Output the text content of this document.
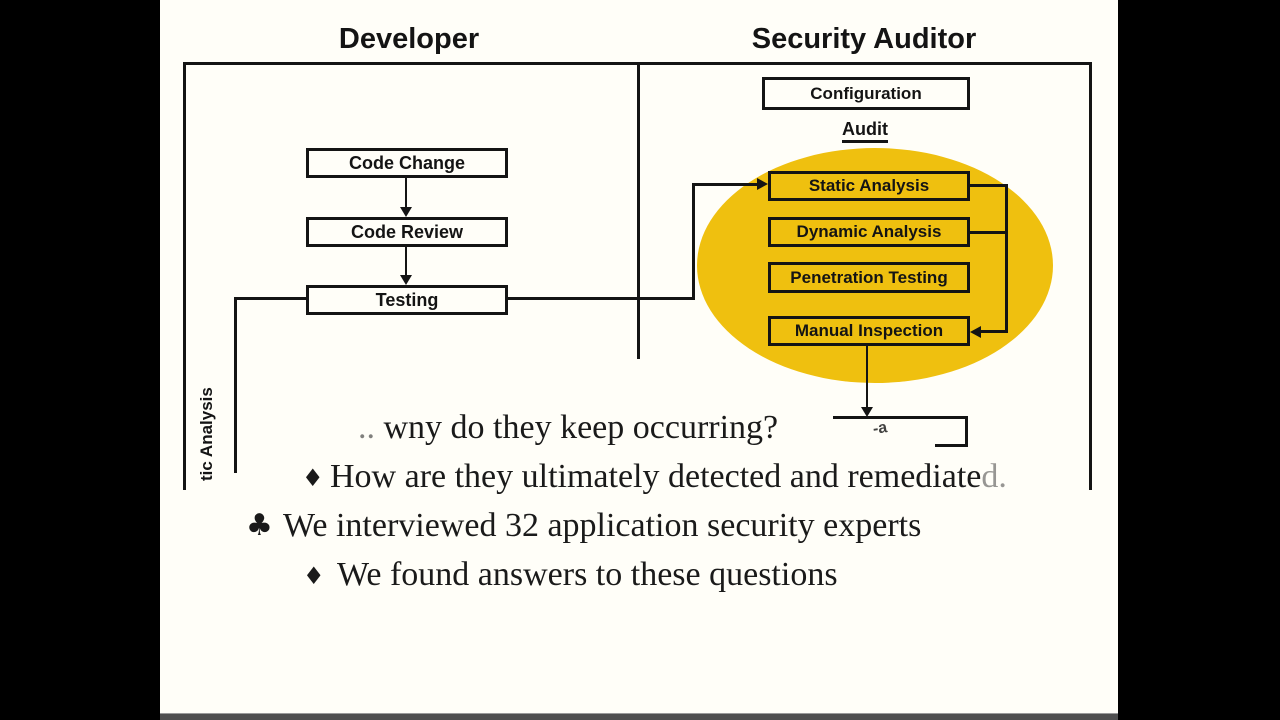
Developer	Security Auditor
Code Change
Code Review
Testing
Configuration
Audit
Static Analysis
Dynamic Analysis
Penetration Testing
Manual Inspection
-a
tic Analysis	.. wny do they keep occurring?
♦ How are they ultimately detected and remediated.
♣ We interviewed 32 application security experts
♦ We found answers to these questions
